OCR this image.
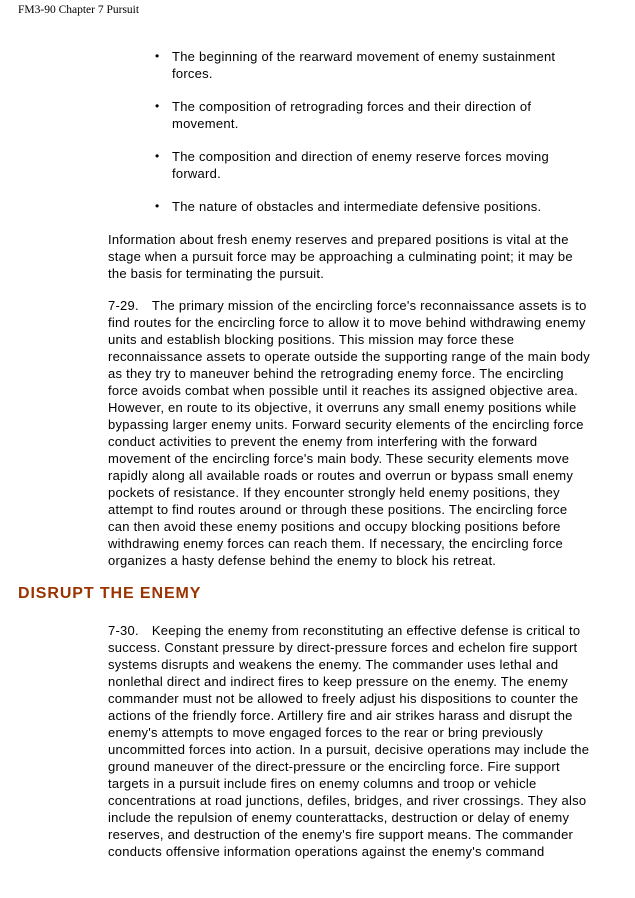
FM3-90 Chapter 7 Pursuit
• The beginning of the rearward movement of enemy sustainment forces.
• The composition of retrograding forces and their direction of movement.
• The composition and direction of enemy reserve forces moving forward.
• The nature of obstacles and intermediate defensive positions.

Information about fresh enemy reserves and prepared positions is vital at the stage when a pursuit force may be approaching a culminating point; it may be the basis for terminating the pursuit.

7-29. The primary mission of the encircling force's reconnaissance assets is to find routes for the encircling force to allow it to move behind withdrawing enemy units and establish blocking positions. This mission may force these reconnaissance assets to operate outside the supporting range of the main body as they try to maneuver behind the retrograding enemy force. The encircling force avoids combat when possible until it reaches its assigned objective area. However, en route to its objective, it overruns any small enemy positions while bypassing larger enemy units. Forward security elements of the encircling force conduct activities to prevent the enemy from interfering with the forward movement of the encircling force's main body. These security elements move rapidly along all available roads or routes and overrun or bypass small enemy pockets of resistance. If they encounter strongly held enemy positions, they attempt to find routes around or through these positions. The encircling force can then avoid these enemy positions and occupy blocking positions before withdrawing enemy forces can reach them. If necessary, the encircling force organizes a hasty defense behind the enemy to block his retreat.

DISRUPT THE ENEMY

7-30. Keeping the enemy from reconstituting an effective defense is critical to success. Constant pressure by direct-pressure forces and echelon fire support systems disrupts and weakens the enemy. The commander uses lethal and nonlethal direct and indirect fires to keep pressure on the enemy. The enemy commander must not be allowed to freely adjust his dispositions to counter the actions of the friendly force. Artillery fire and air strikes harass and disrupt the enemy's attempts to move engaged forces to the rear or bring previously uncommitted forces into action. In a pursuit, decisive operations may include the ground maneuver of the direct-pressure or the encircling force. Fire support targets in a pursuit include fires on enemy columns and troop or vehicle concentrations at road junctions, defiles, bridges, and river crossings. They also include the repulsion of enemy counterattacks, destruction or delay of enemy reserves, and destruction of the enemy's fire support means. The commander conducts offensive information operations against the enemy's command
